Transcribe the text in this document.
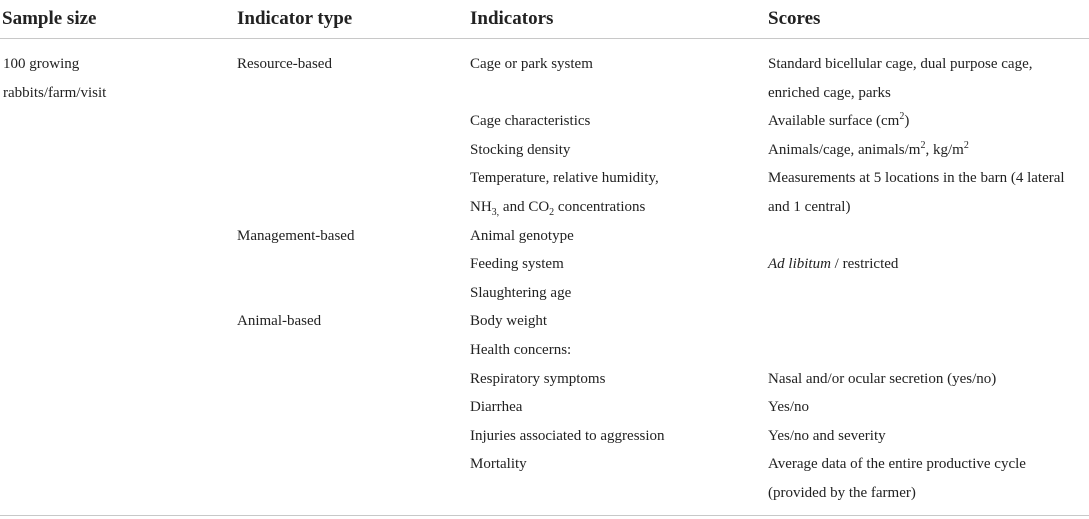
Sample size	Indicator type	Indicators	Scores
100 growing	Resource-based	Cage or park system	Standard bicellular cage, dual purpose cage,
rabbits/farm/visit			enriched cage, parks
		Cage characteristics	Available surface $(cm^2)$
		Stocking density	Animals/cage, animals/$m^2$, $kg/m^2$
		Temperature, relative humidity,	Measurements at 5 locations in the barn (4 lateral
		$NH_{3,}$ and $CO_2$ concentrations	and 1 central)
	Management-based	Animal genotype	
		Feeding system	Ad libitum / restricted
		Slaughtering age	
	Animal-based	Body weight	
		Health concerns:	
		Respiratory symptoms	Nasal and/or ocular secretion (yes/no)
		Diarrhea	Yes/no
		Injuries associated to aggression	Yes/no and severity
		Mortality	Average data of the entire productive cycle
			(provided by the farmer)
